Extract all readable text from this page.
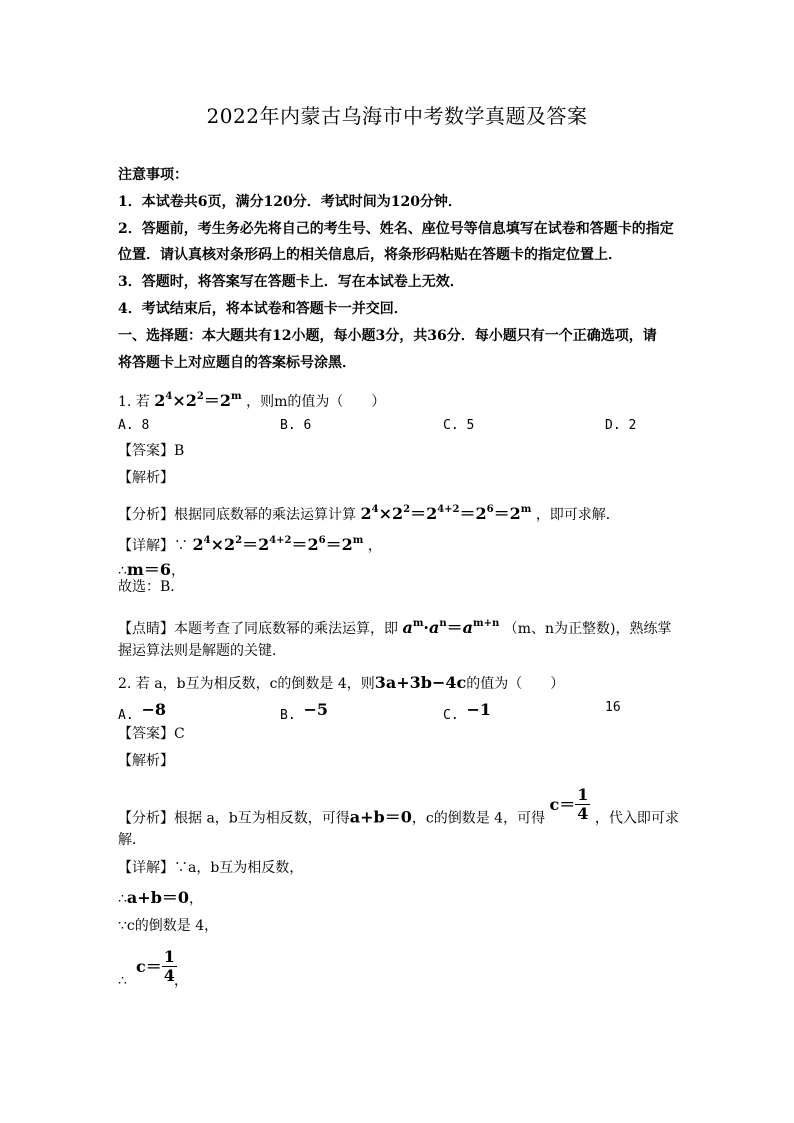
2022年内蒙古乌海市中考数学真题及答案
注意事项：
1．本试卷共6页，满分120分．考试时间为120分钟．
2．答题前，考生务必先将自己的考生号、姓名、座位号等信息填写在试卷和答题卡的指定
位置．请认真核对条形码上的相关信息后，将条形码粘贴在答题卡的指定位置上．
3．答题时，将答案写在答题卡上．写在本试卷上无效．
4．考试结束后，将本试卷和答题卡一并交回．
一、选择题：本大题共有12小题，每小题3分，共36分．每小题只有一个正确选项，请
将答题卡上对应题自的答案标号涂黑．
1. 若 $2^4\times 2^2=2^m$ ，则m的值为（　　）
A. 8	B. 6	C. 5	D. 2
【答案】B
【解析】
【分析】根据同底数幂的乘法运算计算 $2^4\times 2^2=2^{4+2}=2^6=2^m$ ，即可求解．
【详解】∵ $2^4\times 2^2=2^{4+2}=2^6=2^m$ ，
∴m＝6，
故选：B．
【点睛】本题考查了同底数幂的乘法运算，即 $a^m\cdot a^n=a^{m+n}$ （m、n为正整数)，熟练掌
握运算法则是解题的关键．
2. 若 a，b互为相反数，c的倒数是 4，则3a+3b−4c的值为（　　）
A. −8	B. −5	C. −1	16
【答案】C
【解析】
【分析】根据 a，b互为相反数，可得a+b＝0，c的倒数是 4，可得 $c= \frac{1}{4}$ ，代入即可求
解．
【详解】∵a，b互为相反数，
∴a+b＝0，
∵c的倒数是 4，
∴
$c= \frac{1}{4}$
，
